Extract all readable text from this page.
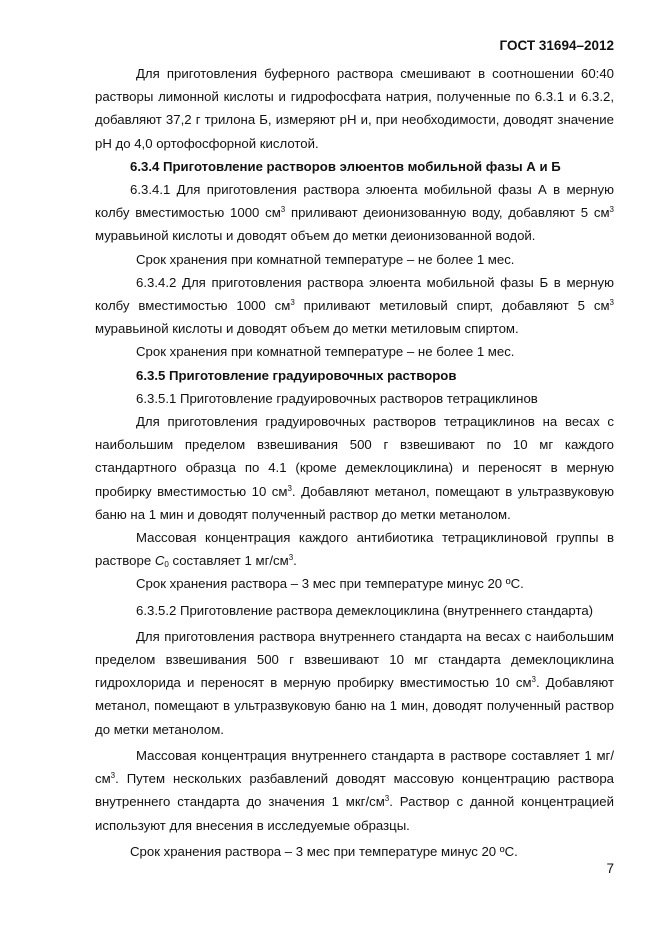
ГОСТ 31694–2012

Для приготовления буферного раствора смешивают в соотношении 60:40 растворы лимонной кислоты и гидрофосфата натрия, полученные по 6.3.1 и 6.3.2, добавляют 37,2 г трилона Б, измеряют рН и, при необходимости, доводят значение рН до 4,0 ортофосфорной кислотой.

6.3.4 Приготовление растворов элюентов мобильной фазы А и Б

6.3.4.1 Для приготовления раствора элюента мобильной фазы А в мерную колбу вместимостью 1000 $см^3$ приливают деионизованную воду, добавляют 5 $см^3$ муравьиной кислоты и доводят объем до метки деионизованной водой.

Срок хранения при комнатной температуре – не более 1 мес.

6.3.4.2 Для приготовления раствора элюента мобильной фазы Б в мерную колбу вместимостью 1000 $см^3$ приливают метиловый спирт, добавляют 5 $см^3$ муравьиной кислоты и доводят объем до метки метиловым спиртом.

Срок хранения при комнатной температуре – не более 1 мес.

6.3.5 Приготовление градуировочных растворов

6.3.5.1 Приготовление градуировочных растворов тетрациклинов

Для приготовления градуировочных растворов тетрациклинов на весах с наибольшим пределом взвешивания 500 г взвешивают по 10 мг каждого стандартного образца по 4.1 (кроме демеклоциклина) и переносят в мерную пробирку вместимостью 10 $см^3$. Добавляют метанол, помещают в ультразвуковую баню на 1 мин и доводят полученный раствор до метки метанолом.

Массовая концентрация каждого антибиотика тетрациклиновой группы в растворе $C_0$ составляет 1 $мг/см^3$.

Срок хранения раствора – 3 мес при температуре минус 20 ºC.

6.3.5.2 Приготовление раствора демеклоциклина (внутреннего стандарта)

Для приготовления раствора внутреннего стандарта на весах с наибольшим пределом взвешивания 500 г взвешивают 10 мг стандарта демеклоциклина гидрохлорида и переносят в мерную пробирку вместимостью 10 $см^3$. Добавляют метанол, помещают в ультразвуковую баню на 1 мин, доводят полученный раствор до метки метанолом.

Массовая концентрация внутреннего стандарта в растворе составляет 1 $мг/см^3$. Путем нескольких разбавлений доводят массовую концентрацию раствора внутреннего стандарта до значения 1 мкг/$см^3$. Раствор с данной концентрацией используют для внесения в исследуемые образцы.

Срок хранения раствора – 3 мес при температуре минус 20 ºC.

7
